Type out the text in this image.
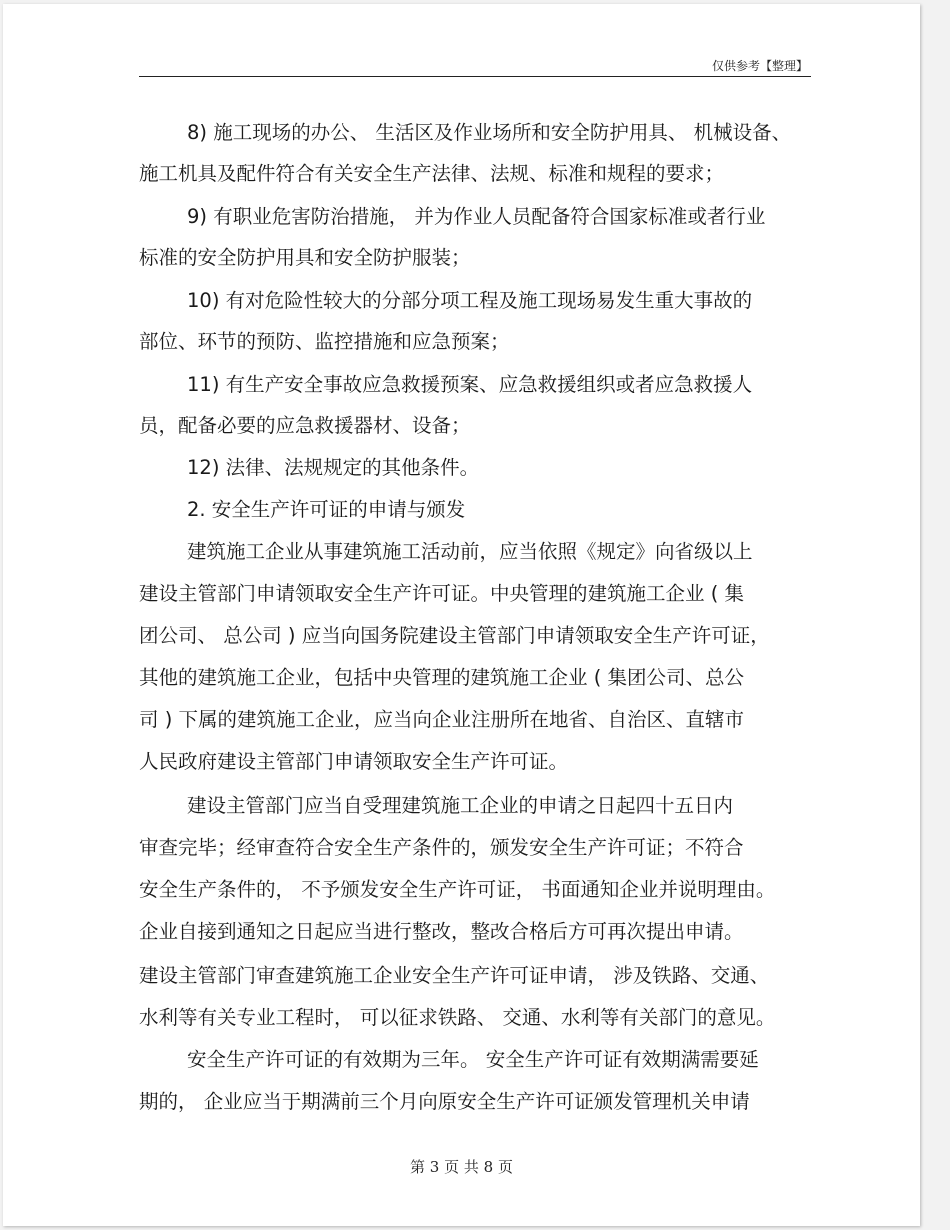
仅供参考【整理】
8) 施工现场的办公、 生活区及作业场所和安全防护用具、 机械设备、
施工机具及配件符合有关安全生产法律、法规、标准和规程的要求；
9) 有职业危害防治措施， 并为作业人员配备符合国家标准或者行业
标准的安全防护用具和安全防护服装；
10) 有对危险性较大的分部分项工程及施工现场易发生重大事故的
部位、环节的预防、监控措施和应急预案；
11) 有生产安全事故应急救援预案、应急救援组织或者应急救援人
员，配备必要的应急救援器材、设备；
12) 法律、法规规定的其他条件。
2. 安全生产许可证的申请与颁发
建筑施工企业从事建筑施工活动前，应当依照《规定》向省级以上
建设主管部门申请领取安全生产许可证。中央管理的建筑施工企业 ( 集
团公司、 总公司 ) 应当向国务院建设主管部门申请领取安全生产许可证，
其他的建筑施工企业，包括中央管理的建筑施工企业 ( 集团公司、总公
司 ) 下属的建筑施工企业，应当向企业注册所在地省、自治区、直辖市
人民政府建设主管部门申请领取安全生产许可证。
建设主管部门应当自受理建筑施工企业的申请之日起四十五日内
审查完毕；经审查符合安全生产条件的，颁发安全生产许可证；不符合
安全生产条件的， 不予颁发安全生产许可证， 书面通知企业并说明理由。
企业自接到通知之日起应当进行整改，整改合格后方可再次提出申请。
建设主管部门审查建筑施工企业安全生产许可证申请， 涉及铁路、交通、
水利等有关专业工程时， 可以征求铁路、 交通、水利等有关部门的意见。
安全生产许可证的有效期为三年。 安全生产许可证有效期满需要延
期的， 企业应当于期满前三个月向原安全生产许可证颁发管理机关申请
第 3 页 共 8 页
